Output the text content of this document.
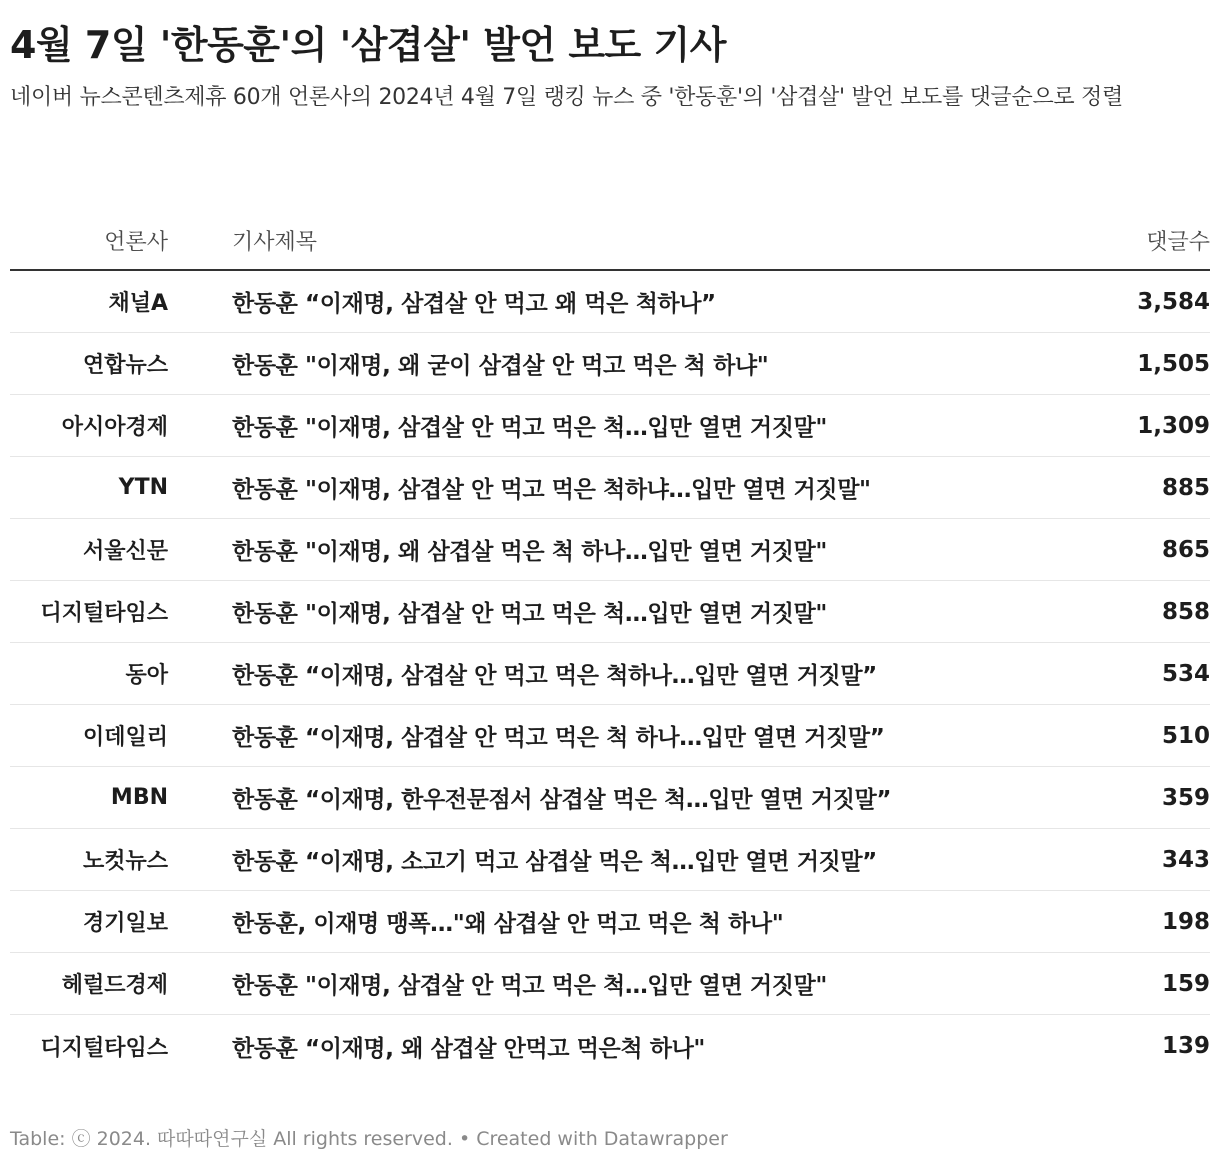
4월 7일 '한동훈'의 '삼겹살' 발언 보도 기사

네이버 뉴스콘텐츠제휴 60개 언론사의 2024년 4월 7일 랭킹 뉴스 중 '한동훈'의 '삼겹살' 발언 보도를 댓글순으로 정렬

언론사	기사제목	댓글수
채널A	한동훈 “이재명, 삼겹살 안 먹고 왜 먹은 척하나”	3,584
연합뉴스	한동훈 "이재명, 왜 굳이 삼겹살 안 먹고 먹은 척 하냐"	1,505
아시아경제	한동훈 "이재명, 삼겹살 안 먹고 먹은 척…입만 열면 거짓말"	1,309
YTN	한동훈 "이재명, 삼겹살 안 먹고 먹은 척하냐…입만 열면 거짓말"	885
서울신문	한동훈 "이재명, 왜 삼겹살 먹은 척 하나…입만 열면 거짓말"	865
디지털타임스	한동훈 "이재명, 삼겹살 안 먹고 먹은 척…입만 열면 거짓말"	858
동아	한동훈 “이재명, 삼겹살 안 먹고 먹은 척하나…입만 열면 거짓말”	534
이데일리	한동훈 “이재명, 삼겹살 안 먹고 먹은 척 하나…입만 열면 거짓말”	510
MBN	한동훈 “이재명, 한우전문점서 삼겹살 먹은 척…입만 열면 거짓말”	359
노컷뉴스	한동훈 “이재명, 소고기 먹고 삼겹살 먹은 척…입만 열면 거짓말”	343
경기일보	한동훈, 이재명 맹폭…"왜 삼겹살 안 먹고 먹은 척 하나"	198
헤럴드경제	한동훈 "이재명, 삼겹살 안 먹고 먹은 척…입만 열면 거짓말"	159
디지털타임스	한동훈 “이재명, 왜 삼겹살 안먹고 먹은척 하나"	139
Table: ⓒ 2024. 따따따연구실 All rights reserved. • Created with Datawrapper
